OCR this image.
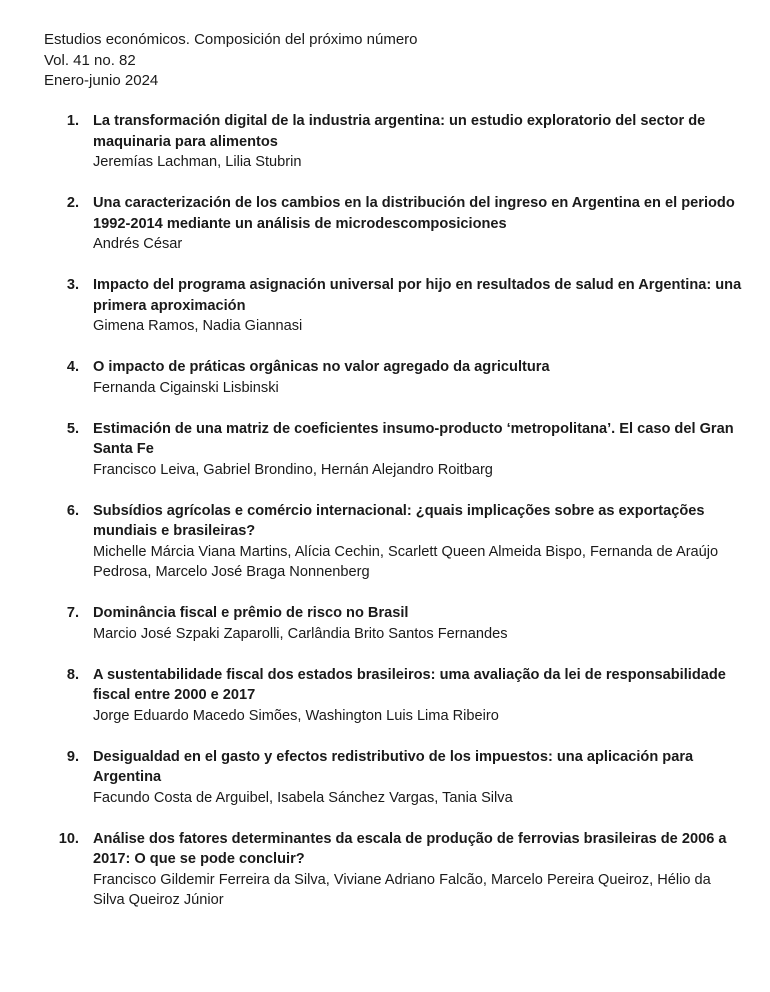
Estudios económicos. Composición del próximo número
Vol. 41 no. 82
Enero-junio 2024
1. La transformación digital de la industria argentina: un estudio exploratorio del sector de maquinaria para alimentos
Jeremías Lachman, Lilia Stubrin
2. Una caracterización de los cambios en la distribución del ingreso en Argentina en el periodo 1992-2014 mediante un análisis de microdescomposiciones
Andrés César
3. Impacto del programa asignación universal por hijo en resultados de salud en Argentina: una primera aproximación
Gimena Ramos, Nadia Giannasi
4. O impacto de práticas orgânicas no valor agregado da agricultura
Fernanda Cigainski Lisbinski
5. Estimación de una matriz de coeficientes insumo-producto ‘metropolitana’. El caso del Gran Santa Fe
Francisco Leiva, Gabriel Brondino, Hernán Alejandro Roitbarg
6. Subsídios agrícolas e comércio internacional: ¿quais implicações sobre as exportações mundiais e brasileiras?
Michelle Márcia Viana Martins, Alícia Cechin, Scarlett Queen Almeida Bispo, Fernanda de Araújo Pedrosa, Marcelo José Braga Nonnenberg
7. Dominância fiscal e prêmio de risco no Brasil
Marcio José Szpaki Zaparolli, Carlândia Brito Santos Fernandes
8. A sustentabilidade fiscal dos estados brasileiros: uma avaliação da lei de responsabilidade fiscal entre 2000 e 2017
Jorge Eduardo Macedo Simões, Washington Luis Lima Ribeiro
9. Desigualdad en el gasto y efectos redistributivo de los impuestos: una aplicación para Argentina
Facundo Costa de Arguibel, Isabela Sánchez Vargas, Tania Silva
10. Análise dos fatores determinantes da escala de produção de ferrovias brasileiras de 2006 a 2017: O que se pode concluir?
Francisco Gildemir Ferreira da Silva, Viviane Adriano Falcão, Marcelo Pereira Queiroz, Hélio da Silva Queiroz Júnior
